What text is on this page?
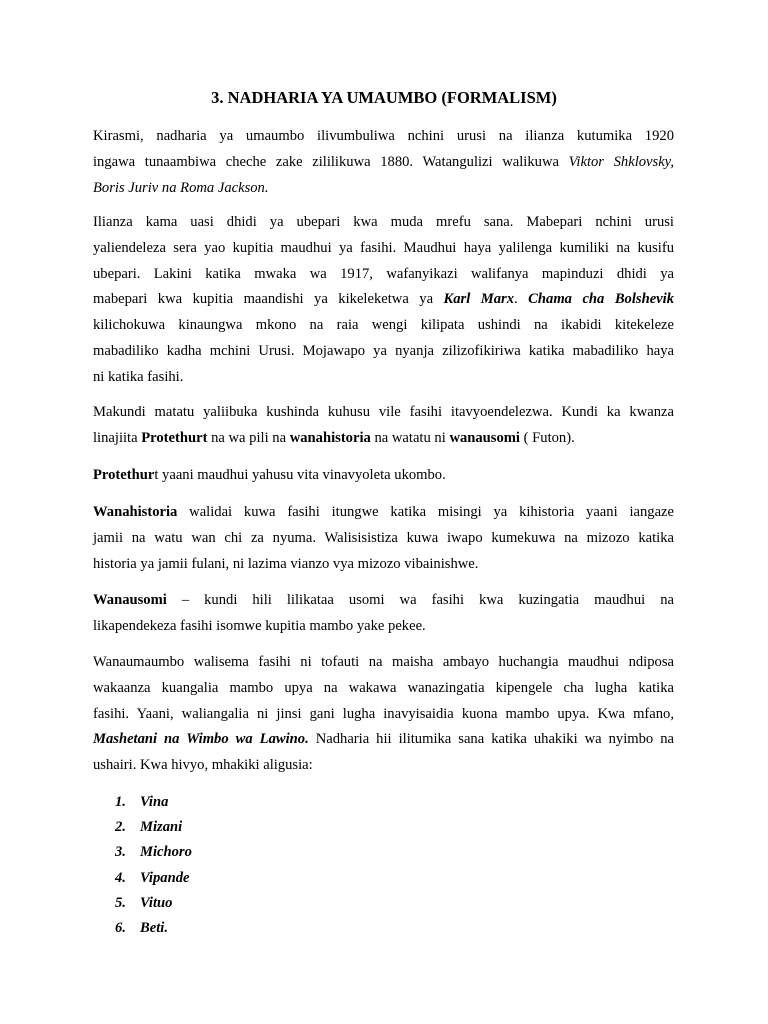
3. NADHARIA YA UMAUMBO (FORMALISM)
Kirasmi, nadharia ya umaumbo ilivumbuliwa nchini urusi na ilianza kutumika 1920
ingawa tunaambiwa cheche zake zililikuwa 1880. Watangulizi walikuwa Viktor Shklovsky,
Boris Juriv na Roma Jackson.
Ilianza kama uasi dhidi ya ubepari kwa muda mrefu sana. Mabepari nchini urusi
yaliendeleza sera yao kupitia maudhui ya fasihi. Maudhui haya yalilenga kumiliki na kusifu
ubepari. Lakini katika mwaka wa 1917, wafanyikazi walifanya mapinduzi dhidi ya
mabepari kwa kupitia maandishi ya kikeleketwa ya Karl Marx. Chama cha Bolshevik
kilichokuwa kinaungwa mkono na raia wengi kilipata ushindi na ikabidi kitekeleze
mabadiliko kadha mchini Urusi. Mojawapo ya nyanja zilizofikiriwa katika mabadiliko haya
ni katika fasihi.
Makundi matatu yaliibuka kushinda kuhusu vile fasihi itavyoendelezwa. Kundi ka kwanza
linajiita Protethurt na wa pili na wanahistoria na watatu ni wanausomi ( Futon).
Protethurt yaani maudhui yahusu vita vinavyoleta ukombo.
Wanahistoria walidai kuwa fasihi itungwe katika misingi ya kihistoria yaani iangaze
jamii na watu wan chi za nyuma. Walisisistiza kuwa iwapo kumekuwa na mizozo katika
historia ya jamii fulani, ni lazima vianzo vya mizozo vibainishwe.
Wanausomi – kundi hili lilikataa usomi wa fasihi kwa kuzingatia maudhui na
likapendekeza fasihi isomwe kupitia mambo yake pekee.
Wanaumaumbo walisema fasihi ni tofauti na maisha ambayo huchangia maudhui ndiposa
wakaanza kuangalia mambo upya na wakawa wanazingatia kipengele cha lugha katika
fasihi. Yaani, waliangalia ni jinsi gani lugha inavyisaidia kuona mambo upya. Kwa mfano,
Mashetani na Wimbo wa Lawino. Nadharia hii ilitumika sana katika uhakiki wa nyimbo na
ushairi. Kwa hivyo, mhakiki aligusia:
1. Vina
2. Mizani
3. Michoro
4. Vipande
5. Vituo
6. Beti.
